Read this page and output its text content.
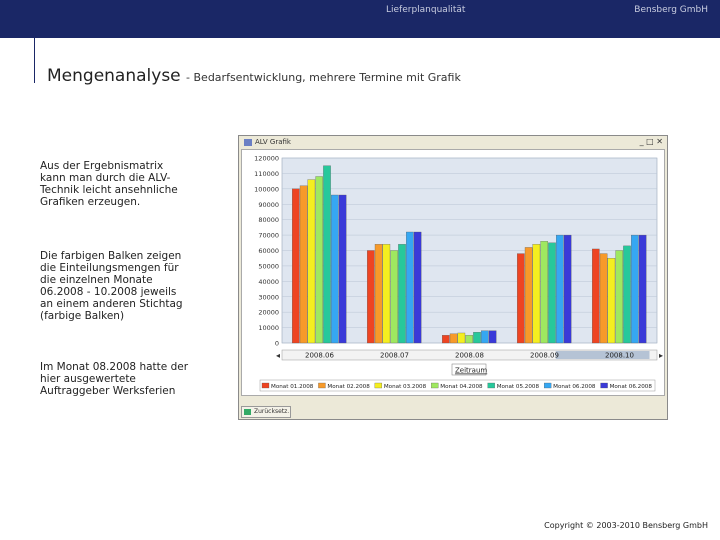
Lieferplanqualität	Bensberg GmbH
Mengenanalyse - Bedarfsentwicklung, mehrere Termine mit Grafik
Aus der Ergebnismatrix kann man durch die ALV-Technik leicht ansehnliche Grafiken erzeugen.
Die farbigen Balken zeigen die Einteilungsmengen für die einzelnen Monate 06.2008 - 10.2008 jeweils an einem anderen Stichtag (farbige Balken)
Im Monat 08.2008 hatte der hier ausgewertete Auftraggeber Werksferien
ALV Grafik	_ □ ✕
0
10000
20000
30000
40000
50000
60000
70000
80000
90000
100000
110000
120000
◂	▸
2008.06	2008.07	2008.08	2008.09	2008.10
Zeitraum
Monat 01.2008	Monat 02.2008	Monat 03.2008	Monat 04.2008	Monat 05.2008	Monat 06.2008	Monat 06.2008
Zurücksetz.
Copyright © 2003-2010 Bensberg GmbH
